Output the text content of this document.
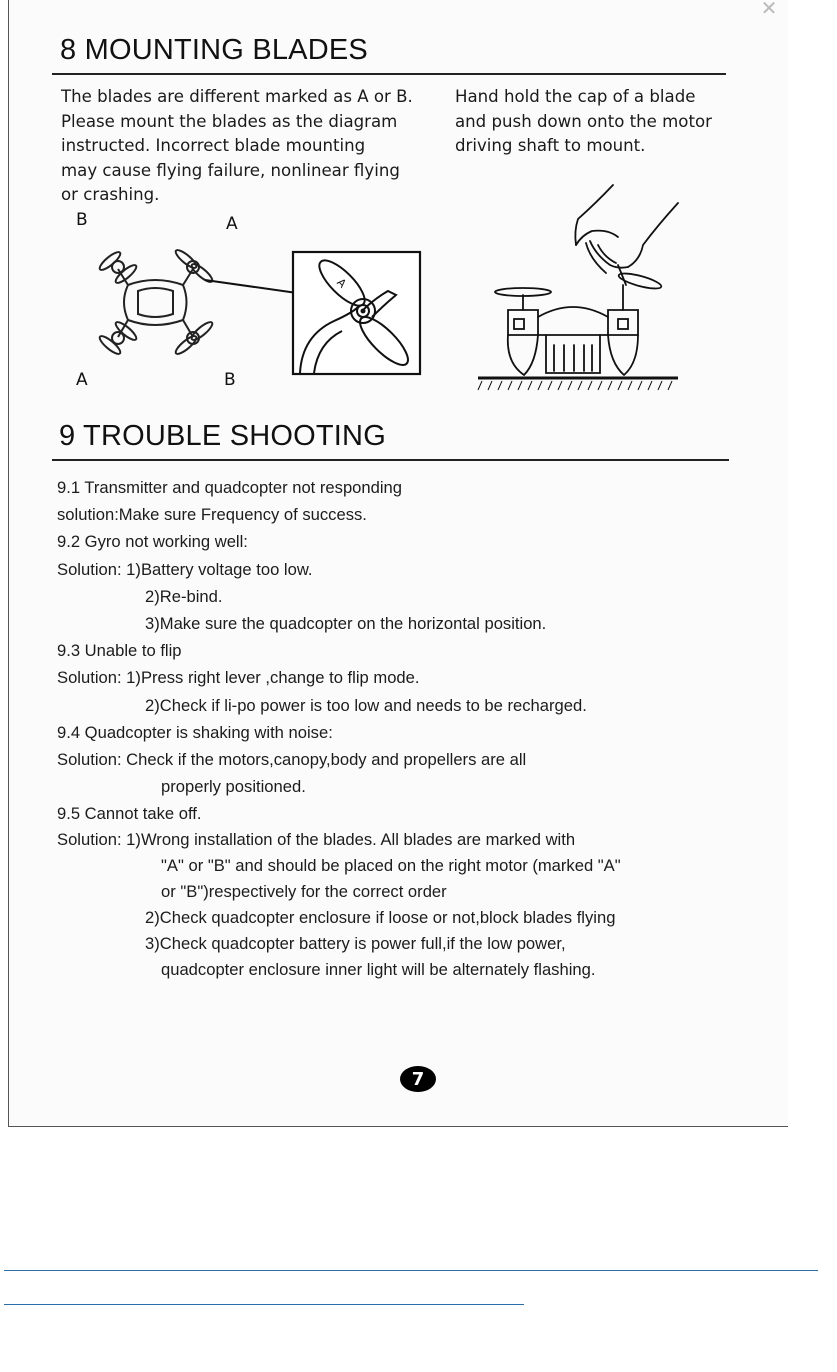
✕
8 MOUNTING BLADES
The blades are different marked as A or B.
Please mount the blades as the diagram
instructed. Incorrect blade mounting
may cause flying failure, nonlinear flying
or crashing.
Hand hold the cap of a blade
and push down onto the motor
driving shaft to mount.
B	A
A	B
A
9 TROUBLE SHOOTING
9.1 Transmitter and quadcopter not responding
solution:Make sure Frequency of success.
9.2 Gyro not working well:
Solution: 1)Battery voltage too low.
2)Re-bind.
3)Make sure the quadcopter on the horizontal position.
9.3 Unable to flip
Solution: 1)Press right lever ,change to flip mode.
2)Check if li-po power is too low and needs to be recharged.
9.4 Quadcopter is shaking with noise:
Solution: Check if the motors,canopy,body and propellers are all
properly positioned.
9.5 Cannot take off.
Solution: 1)Wrong installation of the blades. All blades are marked with
"A" or "B" and should be placed on the right motor (marked "A"
or "B")respectively for the correct order
2)Check quadcopter enclosure if loose or not,block blades flying
3)Check quadcopter battery is power full,if the low power,
quadcopter enclosure inner light will be alternately flashing.
7
